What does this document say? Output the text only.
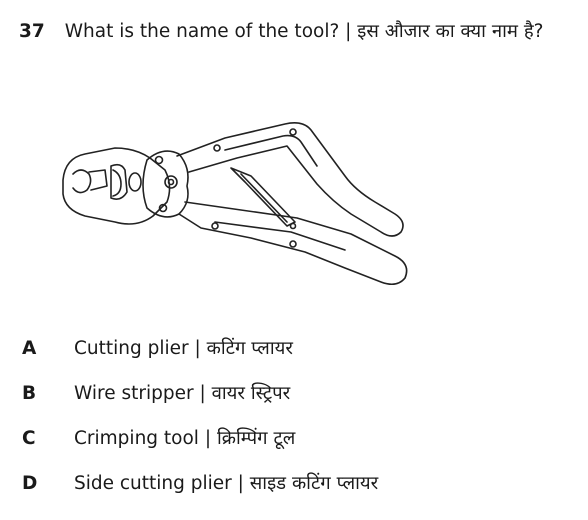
37 What is the name of the tool? | इस औजार का क्या नाम है?
A Cutting plier | कटिंग प्लायर
B Wire stripper | वायर स्ट्रिपर
C Crimping tool | क्रिम्पिंग टूल
D Side cutting plier | साइड कटिंग प्लायर
